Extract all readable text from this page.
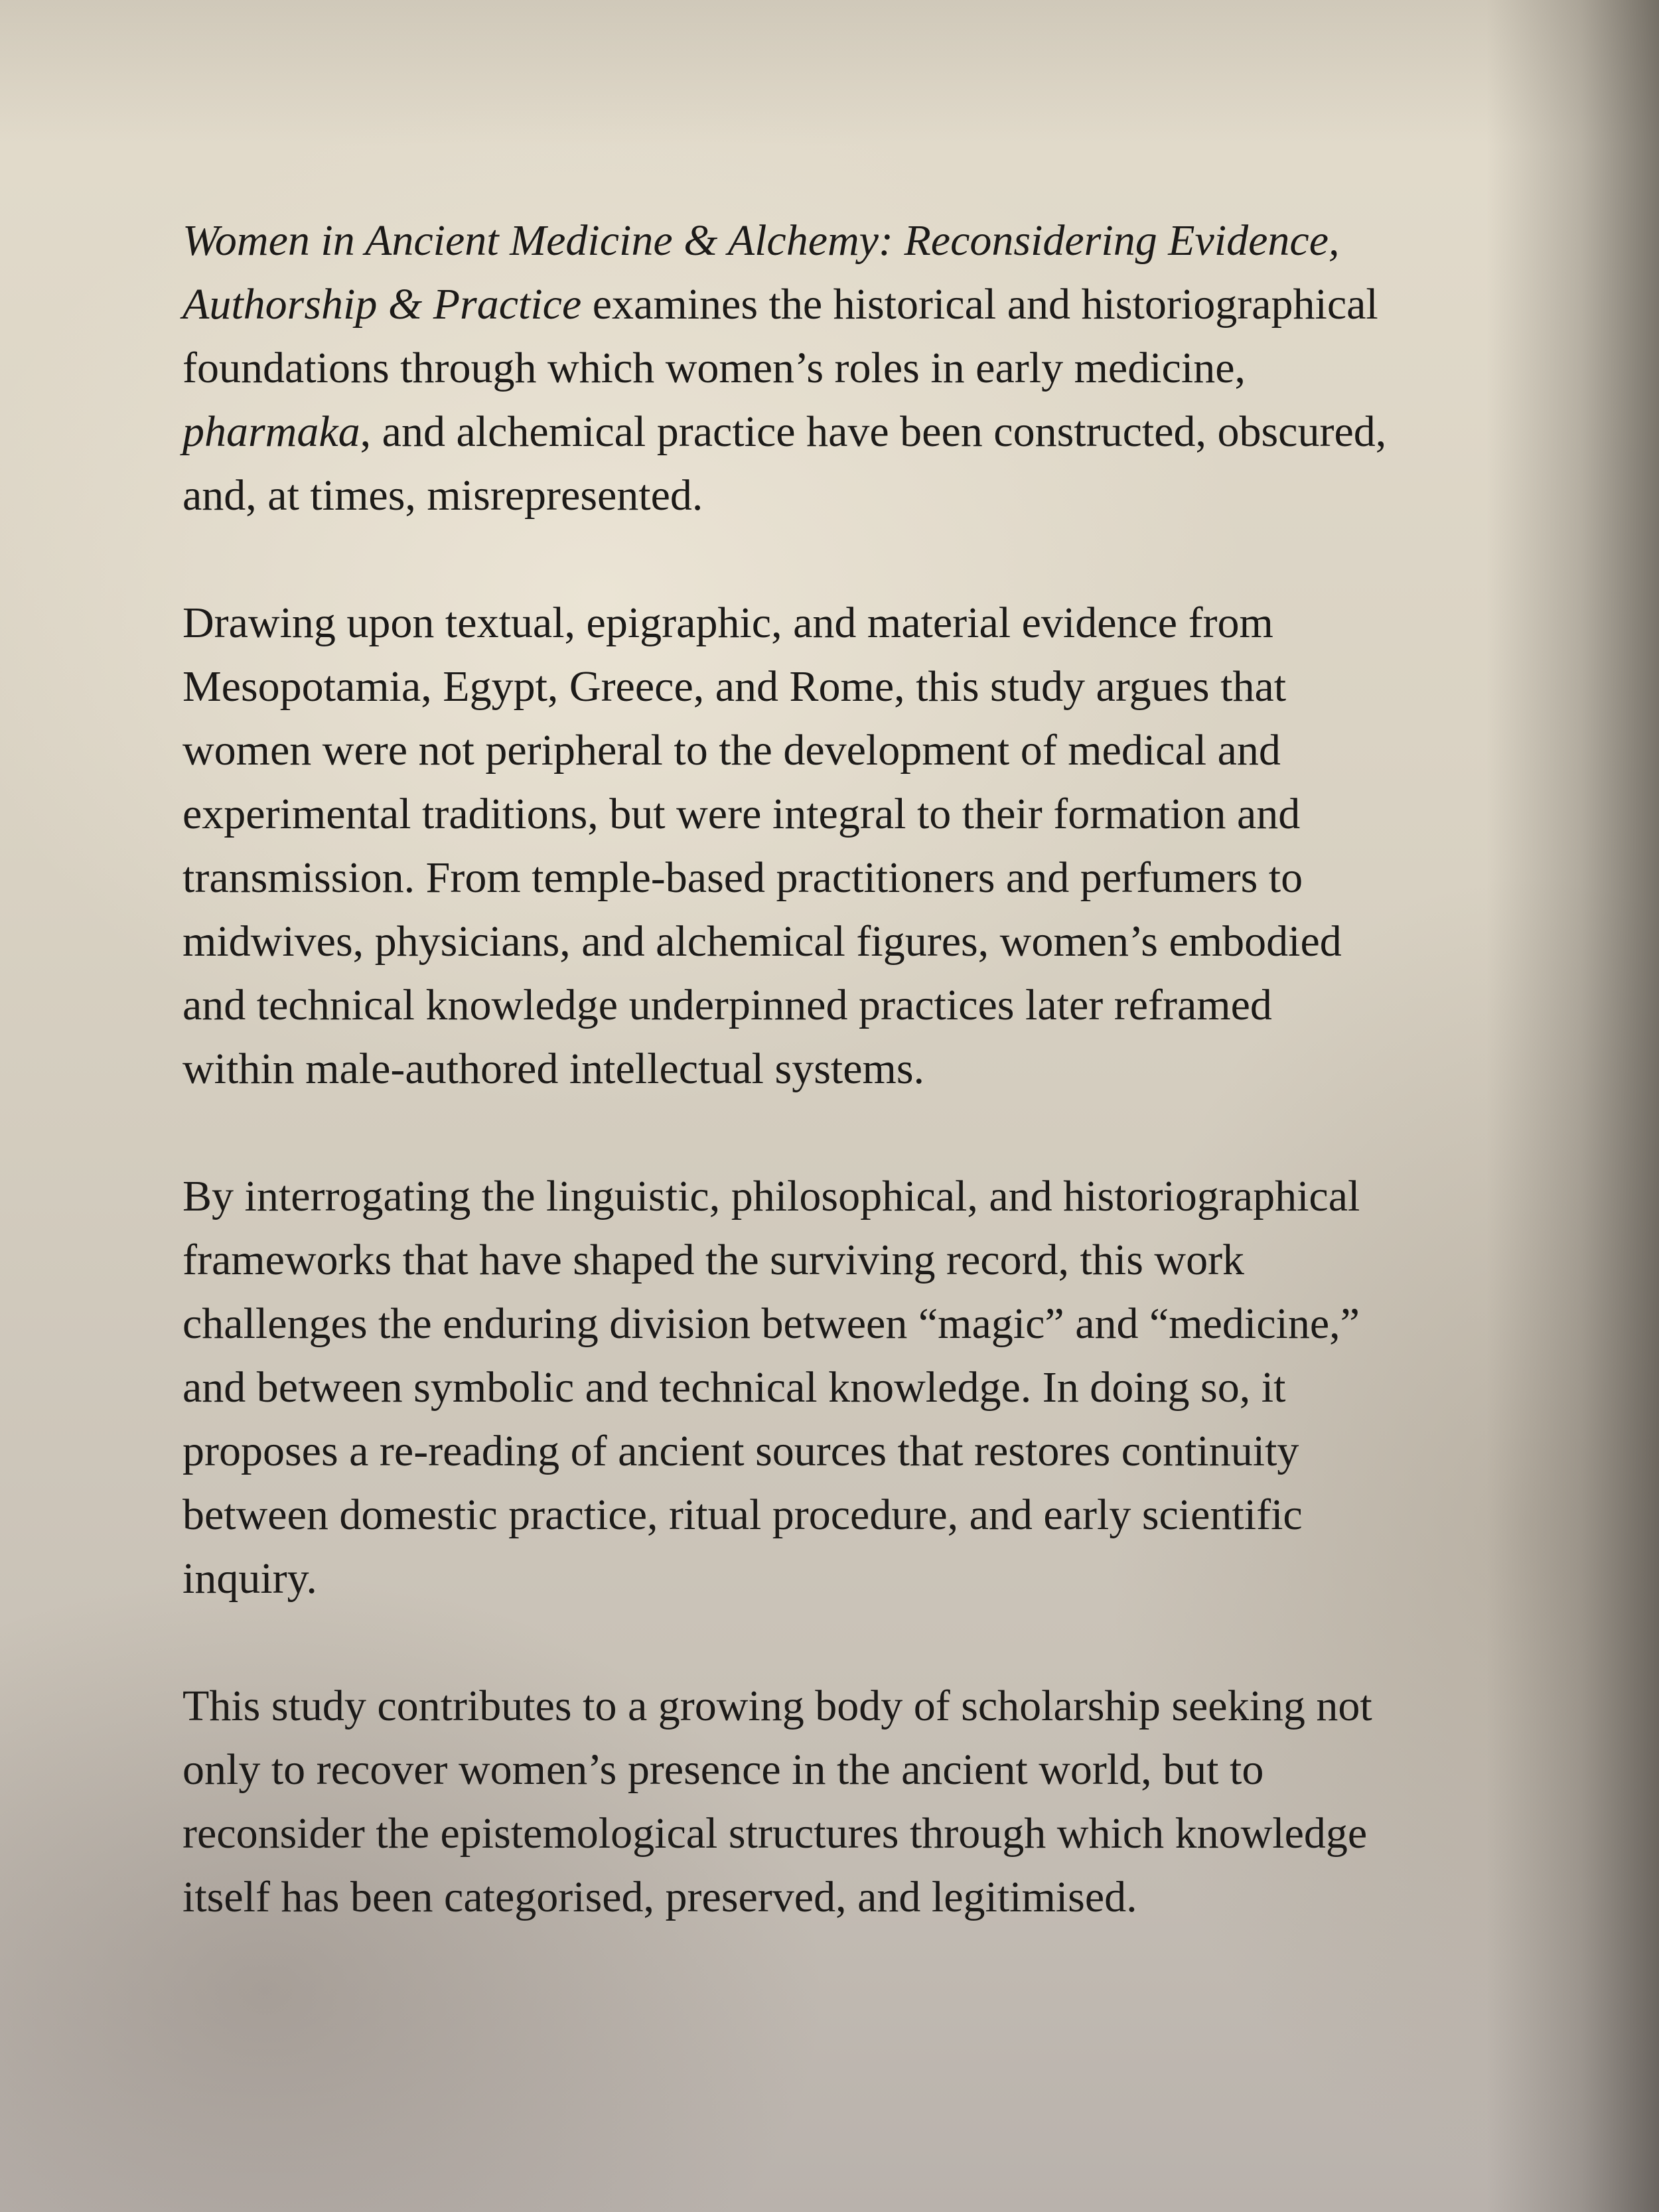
Women in Ancient Medicine & Alchemy: Reconsidering Evidence,
Authorship & Practice examines the historical and historiographical
foundations through which women’s roles in early medicine,
pharmaka, and alchemical practice have been constructed, obscured,
and, at times, misrepresented.

Drawing upon textual, epigraphic, and material evidence from
Mesopotamia, Egypt, Greece, and Rome, this study argues that
women were not peripheral to the development of medical and
experimental traditions, but were integral to their formation and
transmission. From temple-based practitioners and perfumers to
midwives, physicians, and alchemical figures, women’s embodied
and technical knowledge underpinned practices later reframed
within male-authored intellectual systems.

By interrogating the linguistic, philosophical, and historiographical
frameworks that have shaped the surviving record, this work
challenges the enduring division between “magic” and “medicine,”
and between symbolic and technical knowledge. In doing so, it
proposes a re-reading of ancient sources that restores continuity
between domestic practice, ritual procedure, and early scientific
inquiry.

This study contributes to a growing body of scholarship seeking not
only to recover women’s presence in the ancient world, but to
reconsider the epistemological structures through which knowledge
itself has been categorised, preserved, and legitimised.
